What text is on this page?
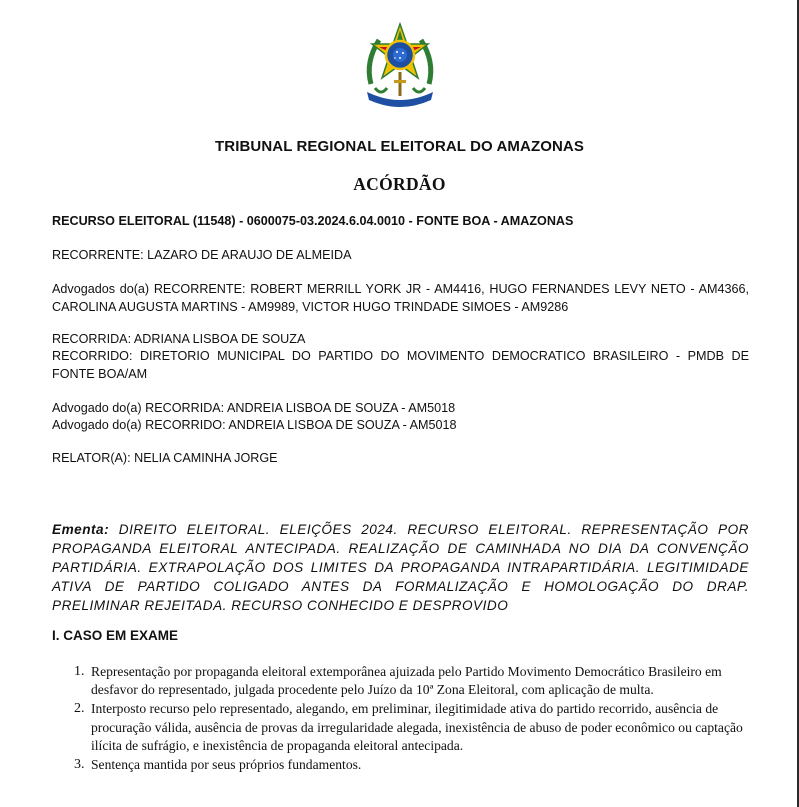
TRIBUNAL REGIONAL ELEITORAL DO AMAZONAS
ACÓRDÃO
RECURSO ELEITORAL (11548) - 0600075-03.2024.6.04.0010 - FONTE BOA - AMAZONAS
RECORRENTE: LAZARO DE ARAUJO DE ALMEIDA
Advogados do(a) RECORRENTE: ROBERT MERRILL YORK JR - AM4416, HUGO FERNANDES LEVY NETO - AM4366, CAROLINA AUGUSTA MARTINS - AM9989, VICTOR HUGO TRINDADE SIMOES - AM9286
RECORRIDA: ADRIANA LISBOA DE SOUZA
RECORRIDO: DIRETORIO MUNICIPAL DO PARTIDO DO MOVIMENTO DEMOCRATICO BRASILEIRO - PMDB DE FONTE BOA/AM
Advogado do(a) RECORRIDA: ANDREIA LISBOA DE SOUZA - AM5018
Advogado do(a) RECORRIDO: ANDREIA LISBOA DE SOUZA - AM5018
RELATOR(A): NELIA CAMINHA JORGE
Ementa: DIREITO ELEITORAL. ELEIÇÕES 2024. RECURSO ELEITORAL. REPRESENTAÇÃO POR PROPAGANDA ELEITORAL ANTECIPADA. REALIZAÇÃO DE CAMINHADA NO DIA DA CONVENÇÃO PARTIDÁRIA. EXTRAPOLAÇÃO DOS LIMITES DA PROPAGANDA INTRAPARTIDÁRIA. LEGITIMIDADE ATIVA DE PARTIDO COLIGADO ANTES DA FORMALIZAÇÃO E HOMOLOGAÇÃO DO DRAP. PRELIMINAR REJEITADA. RECURSO CONHECIDO E DESPROVIDO
I. CASO EM EXAME
1. Representação por propaganda eleitoral extemporânea ajuizada pelo Partido Movimento Democrático Brasileiro em desfavor do representado, julgada procedente pelo Juízo da 10ª Zona Eleitoral, com aplicação de multa.
2. Interposto recurso pelo representado, alegando, em preliminar, ilegitimidade ativa do partido recorrido, ausência de procuração válida, ausência de provas da irregularidade alegada, inexistência de abuso de poder econômico ou captação ilícita de sufrágio, e inexistência de propaganda eleitoral antecipada.
3. Sentença mantida por seus próprios fundamentos.
